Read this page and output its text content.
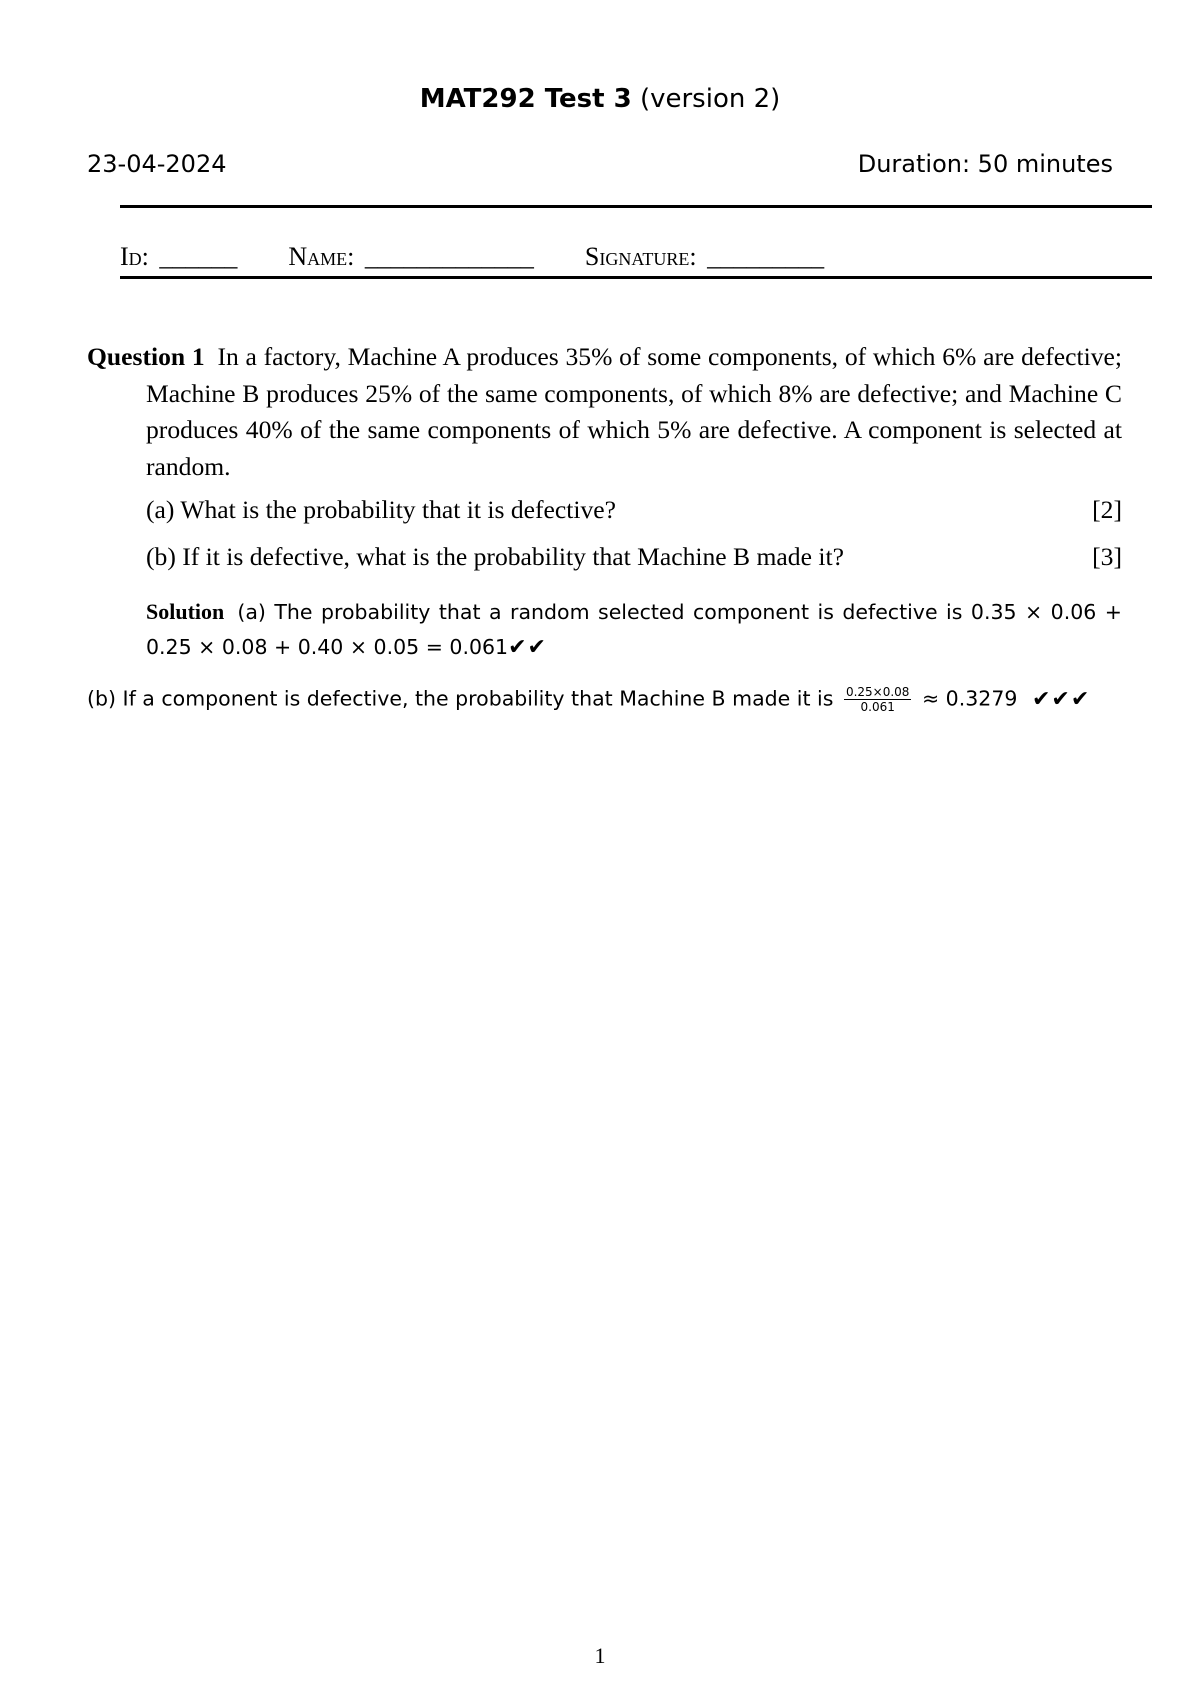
MAT292 Test 3 (version 2)
23-04-2024	Duration: 50 minutes
Id: ______ Name: _____________ Signature: _________

Question 1 In a factory, Machine A produces 35% of some components, of which 6% are defective; Machine B produces 25% of the same components, of which 8% are defective; and Machine C produces 40% of the same components of which 5% are defective. A component is selected at random.

(a) What is the probability that it is defective?	[2]
(b) If it is defective, what is the probability that Machine B made it?	[3]
Solution (a) The probability that a random selected component is defective is 0.35 × 0.06 + 0.25 × 0.08 + 0.40 × 0.05 = 0.061✔✔
(b) If a component is defective, the probability that Machine B made it is $\frac{0.25\times 0.08}{0.061} \approx 0.3279$ ✔✔✔
1
